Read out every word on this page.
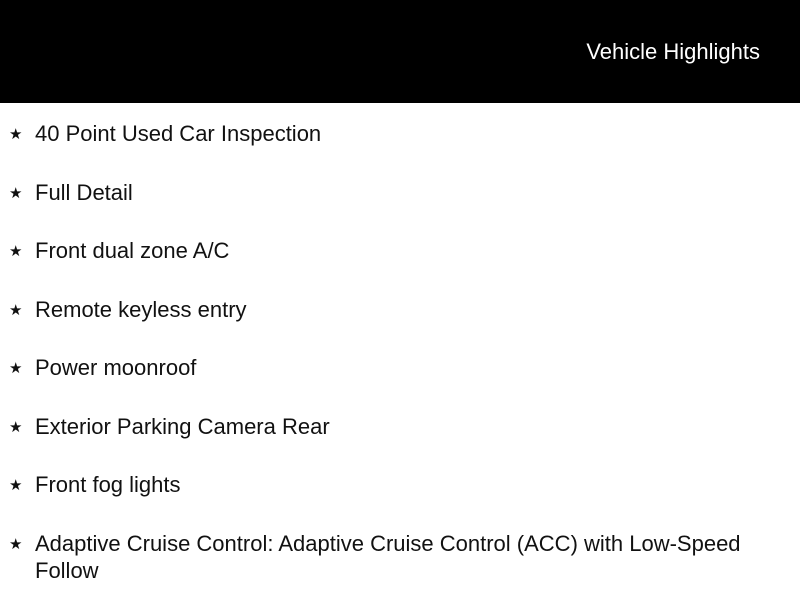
Vehicle Highlights
★ 40 Point Used Car Inspection
★ Full Detail
★ Front dual zone A/C
★ Remote keyless entry
★ Power moonroof
★ Exterior Parking Camera Rear
★ Front fog lights
★ Adaptive Cruise Control: Adaptive Cruise Control (ACC) with Low-Speed Follow
